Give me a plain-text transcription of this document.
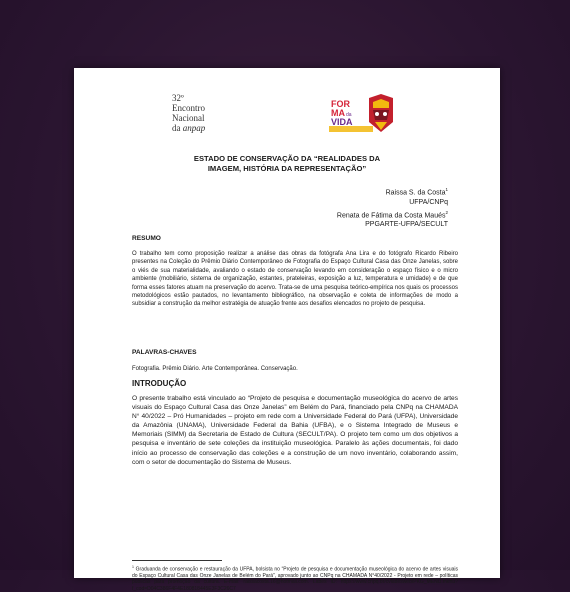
32º
Encontro
Nacional
da anpap
FOR
MA da
VIDA
ESTADO DE CONSERVAÇÃO DA “REALIDADES DA
IMAGEM, HISTÓRIA DA REPRESENTAÇÃO”
Raissa S. da Costa$^1$
UFPA/CNPq
Renata de Fátima da Costa Maués$^2$
PPGARTE-UFPA/SECULT
RESUMO

O trabalho tem como proposição realizar a análise das obras da fotógrafa Ana Lira e do fotógrafo Ricardo Ribeiro presentes na Coleção do Prêmio Diário Contemporâneo de Fotografia do Espaço Cultural Casa das Onze Janelas, sobre o viés de sua materialidade, avaliando o estado de conservação levando em consideração o espaço físico e o micro ambiente (mobiliário, sistema de organização, estantes, prateleiras, exposição a luz, temperatura e umidade) e de que forma esses fatores atuam na preservação do acervo. Trata-se de uma pesquisa teórico-empírica nos quais os processos metodológicos estão pautados, no levantamento bibliográfico, na observação e coleta de informações de modo a subsidiar a construção da melhor estratégia de atuação frente aos desafios elencados no projeto de pesquisa.

PALAVRAS-CHAVES

Fotografia. Prêmio Diário. Arte Contemporânea. Conservação.

INTRODUÇÃO

O presente trabalho está vinculado ao “Projeto de pesquisa e documentação museológica do acervo de artes visuais do Espaço Cultural Casa das Onze Janelas” em Belém do Pará, financiado pela CNPq na CHAMADA N° 40/2022 – Pró Humanidades – projeto em rede com a Universidade Federal do Pará (UFPA), Universidade da Amazônia (UNAMA), Universidade Federal da Bahia (UFBA), e o Sistema Integrado de Museus e Memoriais (SIMM) da Secretaria de Estado de Cultura (SECULT/PA). O projeto tem como um dos objetivos a pesquisa e inventário de sete coleções da instituição museológica. Paralelo às ações documentais, foi dado início ao processo de conservação das coleções e a construção de um novo inventário, colaborando assim, com o setor de documentação do Sistema de Museus.

$^1$ Graduanda de conservação e restauração da UFPA, bolsista no “Projeto de pesquisa e documentação museológica do acervo de artes visuais do Espaço Cultural Casa das Onze Janelas de Belém do Pará”, aprovado junto ao CNPq na CHAMADA N°40/2022 - Projeto em rede – políticas públicas para promoção da cultura. E-mail: raissacosta.16@hotmail.com. Lattes ID: https://www.cnpq.br/cvlattesweb/PKG_MENU.menu?f_cod=D04C386F4F4E180818445E3F3C26C7
